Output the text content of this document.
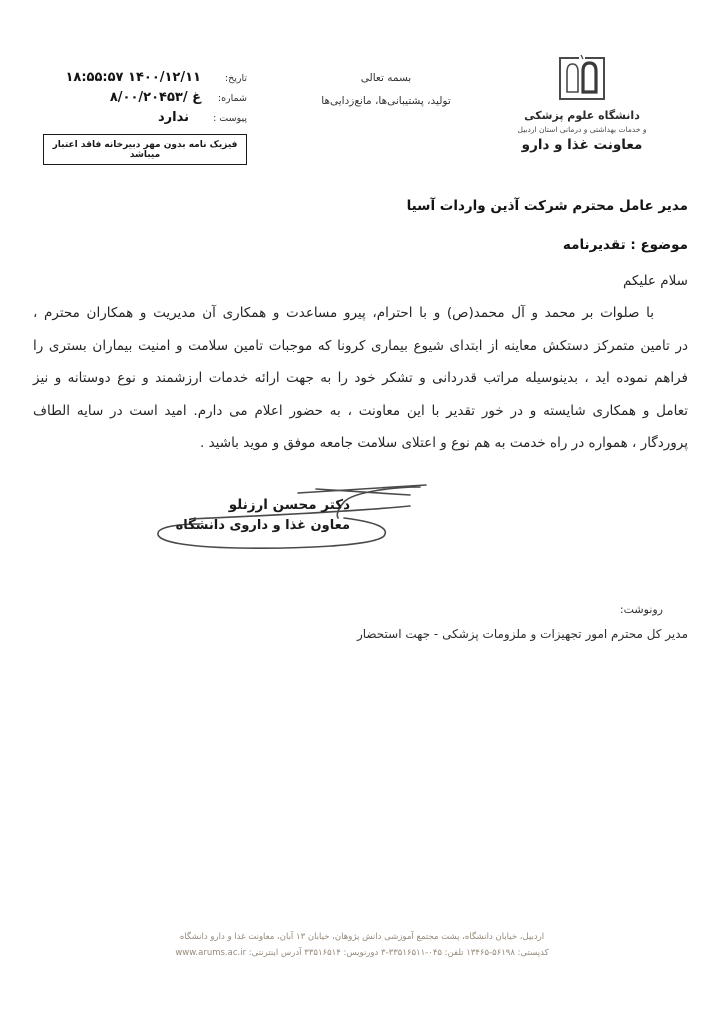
دانشگاه علوم پزشکی
و خدمات بهداشتی و درمانی استان اردبیل
معاونت غذا و دارو
بسمه تعالی
تولید، پشتیبانی‌ها، مانع‌زدایی‌ها
تاریخ:
۱۴۰۰/۱۲/۱۱ ۱۸:۵۵:۵۷
شماره:
غ /۸/۰۰/۲۰۴۵۳
پیوست :
ندارد
فیزیک نامه بدون مهر دبیرخانه فاقد اعتبار میباشد
مدیر عامل محترم شرکت آذین واردات آسیا
موضوع : تقدیرنامه
سلام علیکم
با صلوات بر محمد و آل محمد(ص) و با احترام، پیرو مساعدت و همکاری آن مدیریت و همکاران محترم ،
در تامین متمرکز دستکش معاینه از ابتدای شیوع بیماری کرونا که موجبات تامین سلامت و امنیت بیماران بستری را
فراهم نموده اید ، بدینوسیله مراتب قدردانی و تشکر خود را به جهت ارائه خدمات ارزشمند و نوع دوستانه و نیز
تعامل و همکاری شایسته و در خور تقدیر با این معاونت ، به حضور اعلام می دارم. امید است در سایه الطاف
پروردگار ، همواره در راه خدمت به هم نوع و اعتلای سلامت جامعه موفق و موید باشید .
دکتر محسن ارزنلو
معاون غذا و داروی دانشگاه
رونوشت:
مدیر کل محترم امور تجهیزات و ملزومات پزشکی - جهت استحضار
اردبیل، خیابان دانشگاه، پشت مجتمع آموزشی دانش پژوهان، خیابان ۱۳ آبان، معاونت غذا و دارو دانشگاه
کدپستی: ۵۶۱۹۸-۱۳۴۶۵ تلفن: ۰۴۵-۳۳۵۱۶۵۱۱-۳ دورنویس: ۳۳۵۱۶۵۱۴ آدرس اینترنتی: www.arums.ac.ir
